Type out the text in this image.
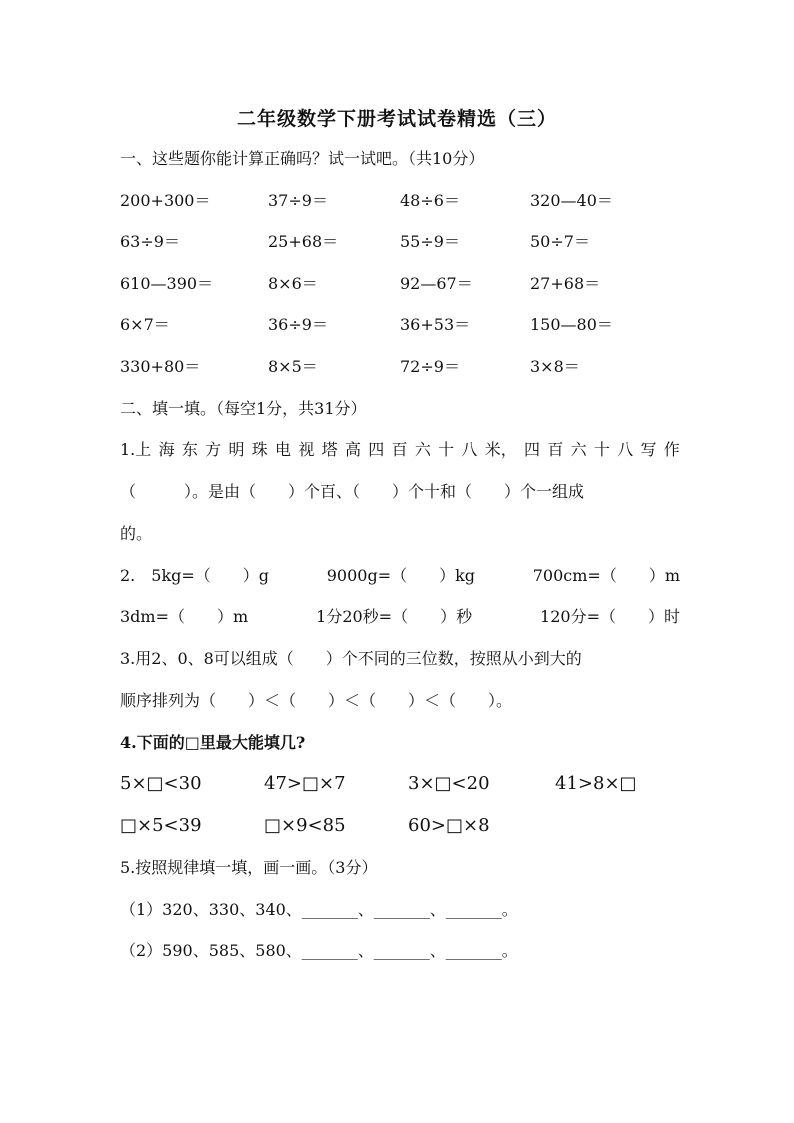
二年级数学下册考试试卷精选（三）
一、这些题你能计算正确吗？试一试吧。（共10分）
200+300＝	37÷9＝	48÷6＝	320—40＝
63÷9＝	25+68＝	55÷9＝	50÷7＝
610—390＝	8×6＝	92—67＝	27+68＝
6×7＝	36÷9＝	36+53＝	150—80＝
330+80＝	8×5＝	72÷9＝	3×8＝
二、填一填。（每空1分，共31分）
1.上 海 东 方 明 珠 电 视 塔 高 四 百 六 十 八 米， 四 百 六 十 八 写 作
（　　　）。是由（　　）个百、（　　）个十和（　　）个一组成
的。
2.　5kg=（　　）g	9000g=（　　）kg	700cm=（　　）m
3dm=（　　）m	1分20秒=（　　）秒	120分=（　　）时
3.用2、0、8可以组成（　　）个不同的三位数，按照从小到大的
顺序排列为（　　）＜（　　）＜（　　）＜（　　）。
4.下面的□里最大能填几?
5×□<30	47>□×7	3×□<20	41>8×□
□×5<39	□×9<85	60>□×8
5.按照规律填一填，画一画。（3分）
（1）320、330、340、_______、_______、_______。
（2）590、585、580、_______、_______、_______。
